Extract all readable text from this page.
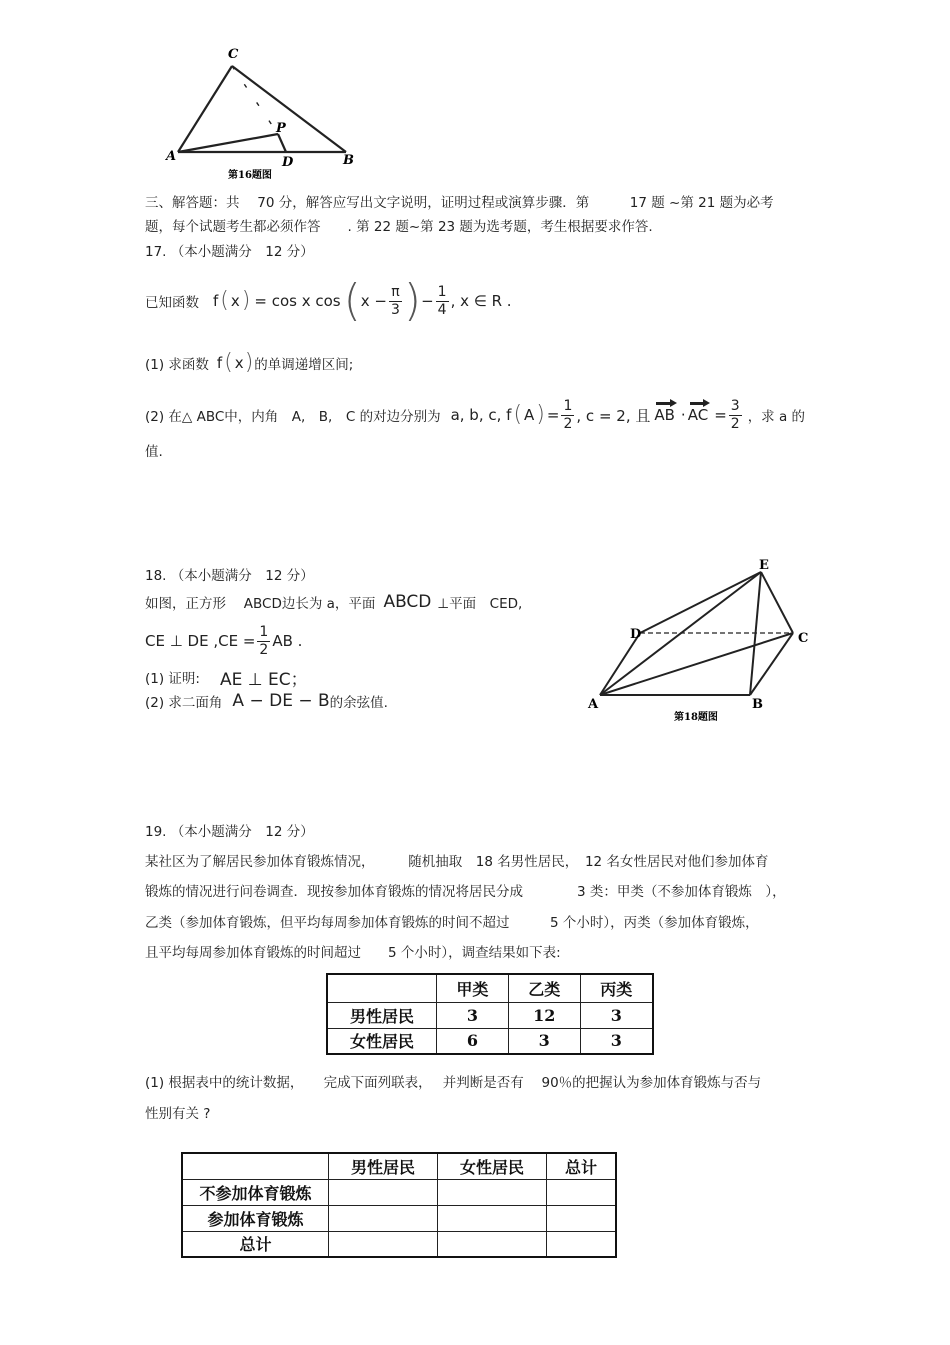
C
A	B
D
P
第16题图
三、解答题：共　 70 分，解答应写出文字说明，证明过程或演算步骤．第　　　17 题 ~第 21 题为必考
题，每个试题考生都必须作答　　. 第 22 题~第 23 题为选考题，考生根据要求作答.
17. （本小题满分　12 分）
已知函数 f ( x ) = cos x cos ( $x - \frac{\pi}{3}$ ) − $\frac{1}{4}$ , x ∈ R .
(1) 求函数 f ( x ) 的单调递增区间;
(2) 在△ ABC中，内角　A,　B,　C 的对边分别为 a, b, c, f ( A ) = $\frac{1}{2}$ , c = 2, 且 AB · AC = $\frac{3}{2}$ ，求 a 的
值.
18. （本小题满分　12 分）
如图，正方形　 ABCD边长为 a，平面 ABCD ⊥平面　CED,
CE ⊥ DE $,CE = \frac{1}{2}$ AB .
(1) 证明: AE ⊥ EC；
(2) 求二面角 A − DE − B 的余弦值.
E
D	C
A	B
第18题图
19. （本小题满分　12 分）
某社区为了解居民参加体育锻炼情况，　　　随机抽取　18 名男性居民，　12 名女性居民对他们参加体育
锻炼的情况进行问卷调查．现按参加体育锻炼的情况将居民分成　　　　3 类：甲类（不参加体育锻炼　），
乙类（参加体育锻炼，但平均每周参加体育锻炼的时间不超过　　　5 个小时），丙类（参加体育锻炼，
且平均每周参加体育锻炼的时间超过　　5 个小时），调查结果如下表:
	甲类	乙类	丙类
男性居民	3	12	3
女性居民	6	3	3
(1) 根据表中的统计数据，　　完成下面列联表，　 并判断是否有　 90％的把握认为参加体育锻炼与否与
性别有关 ?
	男性居民	女性居民	总计
不参加体育锻炼			
参加体育锻炼			
总计			
